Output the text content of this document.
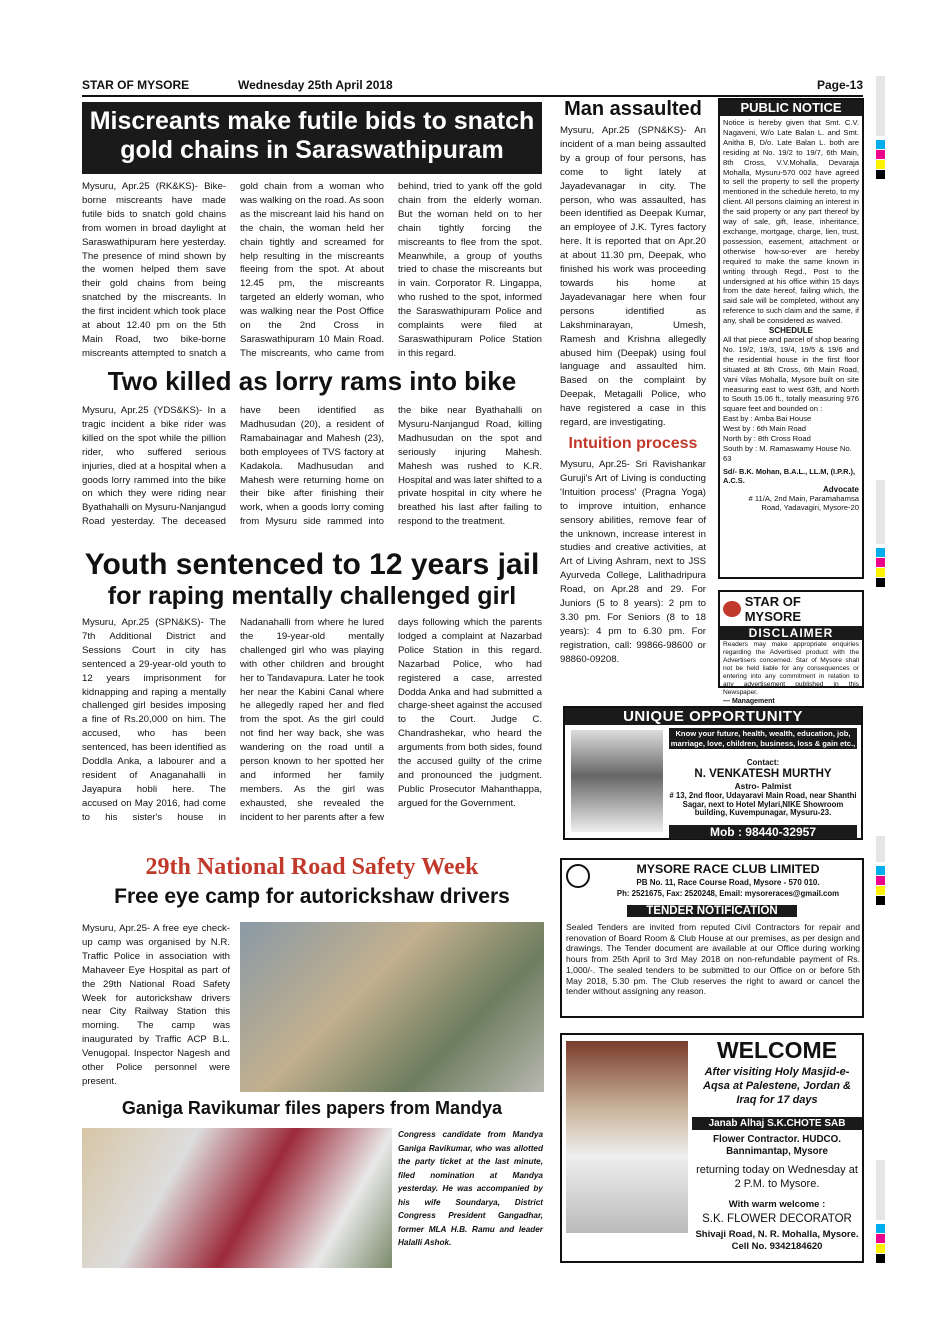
STAR OF MYSORE	Wednesday 25th April 2018	Page-13
Miscreants make futile bids to snatch
gold chains in Saraswathipuram

Mysuru, Apr.25 (RK&KS)- Bike-borne miscreants have made futile bids to snatch gold chains from women in broad daylight at Saraswathipuram here yesterday. The presence of mind shown by the women helped them save their gold chains from being snatched by the miscreants. In the first incident which took place at about 12.40 pm on the 5th Main Road, two bike-borne miscreants attempted to snatch a gold chain from a woman who was walking on the road. As soon as the miscreant laid his hand on the chain, the woman held her chain tightly and screamed for help resulting in the miscreants fleeing from the spot. At about 12.45 pm, the miscreants targeted an elderly woman, who was walking near the Post Office on the 2nd Cross in Saraswathipuram 10 Main Road. The miscreants, who came from behind, tried to yank off the gold chain from the elderly woman. But the woman held on to her chain tightly forcing the miscreants to flee from the spot. Meanwhile, a group of youths tried to chase the miscreants but in vain. Corporator R. Lingappa, who rushed to the spot, informed the Saraswathipuram Police and complaints were filed at Saraswathipuram Police Station in this regard.

Two killed as lorry rams into bike

Mysuru, Apr.25 (YDS&KS)- In a tragic incident a bike rider was killed on the spot while the pillion rider, who suffered serious injuries, died at a hospital when a goods lorry rammed into the bike on which they were riding near Byathahalli on Mysuru-Nanjangud Road yesterday. The deceased have been identified as Madhusudan (20), a resident of Ramabainagar and Mahesh (23), both employees of TVS factory at Kadakola. Madhusudan and Mahesh were returning home on their bike after finishing their work, when a goods lorry coming from Mysuru side rammed into the bike near Byathahalli on Mysuru-Nanjangud Road, killing Madhusudan on the spot and seriously injuring Mahesh. Mahesh was rushed to K.R. Hospital and was later shifted to a private hospital in city where he breathed his last after failing to respond to the treatment.

Youth sentenced to 12 years jail
for raping mentally challenged girl

Mysuru, Apr.25 (SPN&KS)- The 7th Additional District and Sessions Court in city has sentenced a 29-year-old youth to 12 years imprisonment for kidnapping and raping a mentally challenged girl besides imposing a fine of Rs.20,000 on him. The accused, who has been sentenced, has been identified as Doddla Anka, a labourer and a resident of Anaganahalli in Jayapura hobli here. The accused on May 2016, had come to his sister's house in Nadanahalli from where he lured the 19-year-old mentally challenged girl who was playing with other children and brought her to Tandavapura. Later he took her near the Kabini Canal where he allegedly raped her and fled from the spot. As the girl could not find her way back, she was wandering on the road until a person known to her spotted her and informed her family members. As the girl was exhausted, she revealed the incident to her parents after a few days following which the parents lodged a complaint at Nazarbad Police Station in this regard. Nazarbad Police, who had registered a case, arrested Dodda Anka and had submitted a charge-sheet against the accused to the Court. Judge C. Chandrashekar, who heard the arguments from both sides, found the accused guilty of the crime and pronounced the judgment. Public Prosecutor Mahanthappa, argued for the Government.

Man assaulted

Mysuru, Apr.25 (SPN&KS)- An incident of a man being assaulted by a group of four persons, has come to light lately at Jayadevanagar in city. The person, who was assaulted, has been identified as Deepak Kumar, an employee of J.K. Tyres factory here. It is reported that on Apr.20 at about 11.30 pm, Deepak, who finished his work was proceeding towards his home at Jayadevanagar here when four persons identified as Lakshminarayan, Umesh, Ramesh and Krishna allegedly abused him (Deepak) using foul language and assaulted him. Based on the complaint by Deepak, Metagalli Police, who have registered a case in this regard, are investigating.

Intuition process

Mysuru, Apr.25- Sri Ravishankar Guruji's Art of Living is conducting 'Intuition process' (Pragna Yoga) to improve intuition, enhance sensory abilities, remove fear of the unknown, increase interest in studies and creative activities, at Art of Living Ashram, next to JSS Ayurveda College, Lalithadripura Road, on Apr.28 and 29. For Juniors (5 to 8 years): 2 pm to 3.30 pm. For Seniors (8 to 18 years): 4 pm to 6.30 pm. For registration, call: 99866-98600 or 98860-09208.

PUBLIC NOTICE

Notice is hereby given that Smt. C.V. Nagaveni, W/o Late Balan L. and Smt. Anitha B, D/o. Late Balan L. both are residing at No. 19/2 to 19/7, 6th Main, 8th Cross, V.V.Mohalla, Devaraja Mohalla, Mysuru-570 002 have agreed to sell the property to sell the property mentioned in the schedule hereto, to my client. All persons claiming an interest in the said property or any part thereof by way of sale, gift, lease, inheritance, exchange, mortgage, charge, lien, trust, possession, easement, attachment or otherwise how-so-ever are hereby required to make the same known in writing through Regd., Post to the undersigned at his office within 15 days from the date hereof, failing which, the said sale will be completed, without any reference to such claim and the same, if any, shall be considered as waived.

SCHEDULE

All that piece and parcel of shop bearing No. 19/2, 19/3, 19/4, 19/5 & 19/6 and the residential house in the first floor situated at 8th Cross, 6th Main Road, Vani Vilas Mohalla, Mysore built on site measuring east to west 63ft, and North to South 15.06 ft., totally measuring 976 square feet and bounded on :

East by : Amba Bai House
West by : 6th Main Road
North by : 8th Cross Road
South by : M. Ramaswamy House No. 63
Sd/- B.K. Mohan, B.A.L., LL.M, (I.P.R.), A.C.S.
Advocate
# 11/A, 2nd Main, Paramahamsa
Road, Yadavagiri, Mysore-20
STAR OF MYSORE
DISCLAIMER

Readers may make appropriate enquiries regarding the Advertised product with the Advertisers concerned. Star of Mysore shall not be held liable for any consequences or entering into any commitment in relation to any advertisement published in this Newspaper.

— Management
UNIQUE OPPORTUNITY
Know your future, health, wealth, education, job, marriage, love, children, business, loss & gain etc.,
Contact:
N. VENKATESH MURTHY
Astro- Palmist
# 13, 2nd floor, Udayaravi Main Road, near Shanthi Sagar, next to Hotel Mylari,NIKE Showroom building, Kuvempunagar, Mysuru-23.
Mob : 98440-32957
MYSORE RACE CLUB LIMITED
PB No. 11, Race Course Road, Mysore - 570 010.
Ph: 2521675, Fax: 2520248, Email: mysoreraces@gmail.com
TENDER NOTIFICATION

Sealed Tenders are invited from reputed Civil Contractors for repair and renovation of Board Room & Club House at our premises, as per design and drawings. The Tender document are available at our Office during working hours from 25th April to 3rd May 2018 on non-refundable payment of Rs. 1,000/-. The sealed tenders to be submitted to our Office on or before 5th May 2018, 5.30 pm. The Club reserves the right to award or cancel the tender without assigning any reason.

29th National Road Safety Week
Free eye camp for autorickshaw drivers

Mysuru, Apr.25- A free eye check-up camp was organised by N.R. Traffic Police in association with Mahaveer Eye Hospital as part of the 29th National Road Safety Week for autorickshaw drivers near City Railway Station this morning. The camp was inaugurated by Traffic ACP B.L. Venugopal. Inspector Nagesh and other Police personnel were present.

Ganiga Ravikumar files papers from Mandya

Congress candidate from Mandya Ganiga Ravikumar, who was allotted the party ticket at the last minute, filed nomination at Mandya yesterday. He was accompanied by his wife Soundarya, District Congress President Gangadhar, former MLA H.B. Ramu and leader Halalli Ashok.

WELCOME
After visiting Holy Masjid-e-Aqsa at Palestene, Jordan & Iraq for 17 days
Janab Alhaj S.K.CHOTE SAB
Flower Contractor. HUDCO. Bannimantap, Mysore
returning today on Wednesday at 2 P.M. to Mysore.
With warm welcome :
S.K. FLOWER DECORATOR
Shivaji Road, N. R. Mohalla, Mysore. Cell No. 9342184620
